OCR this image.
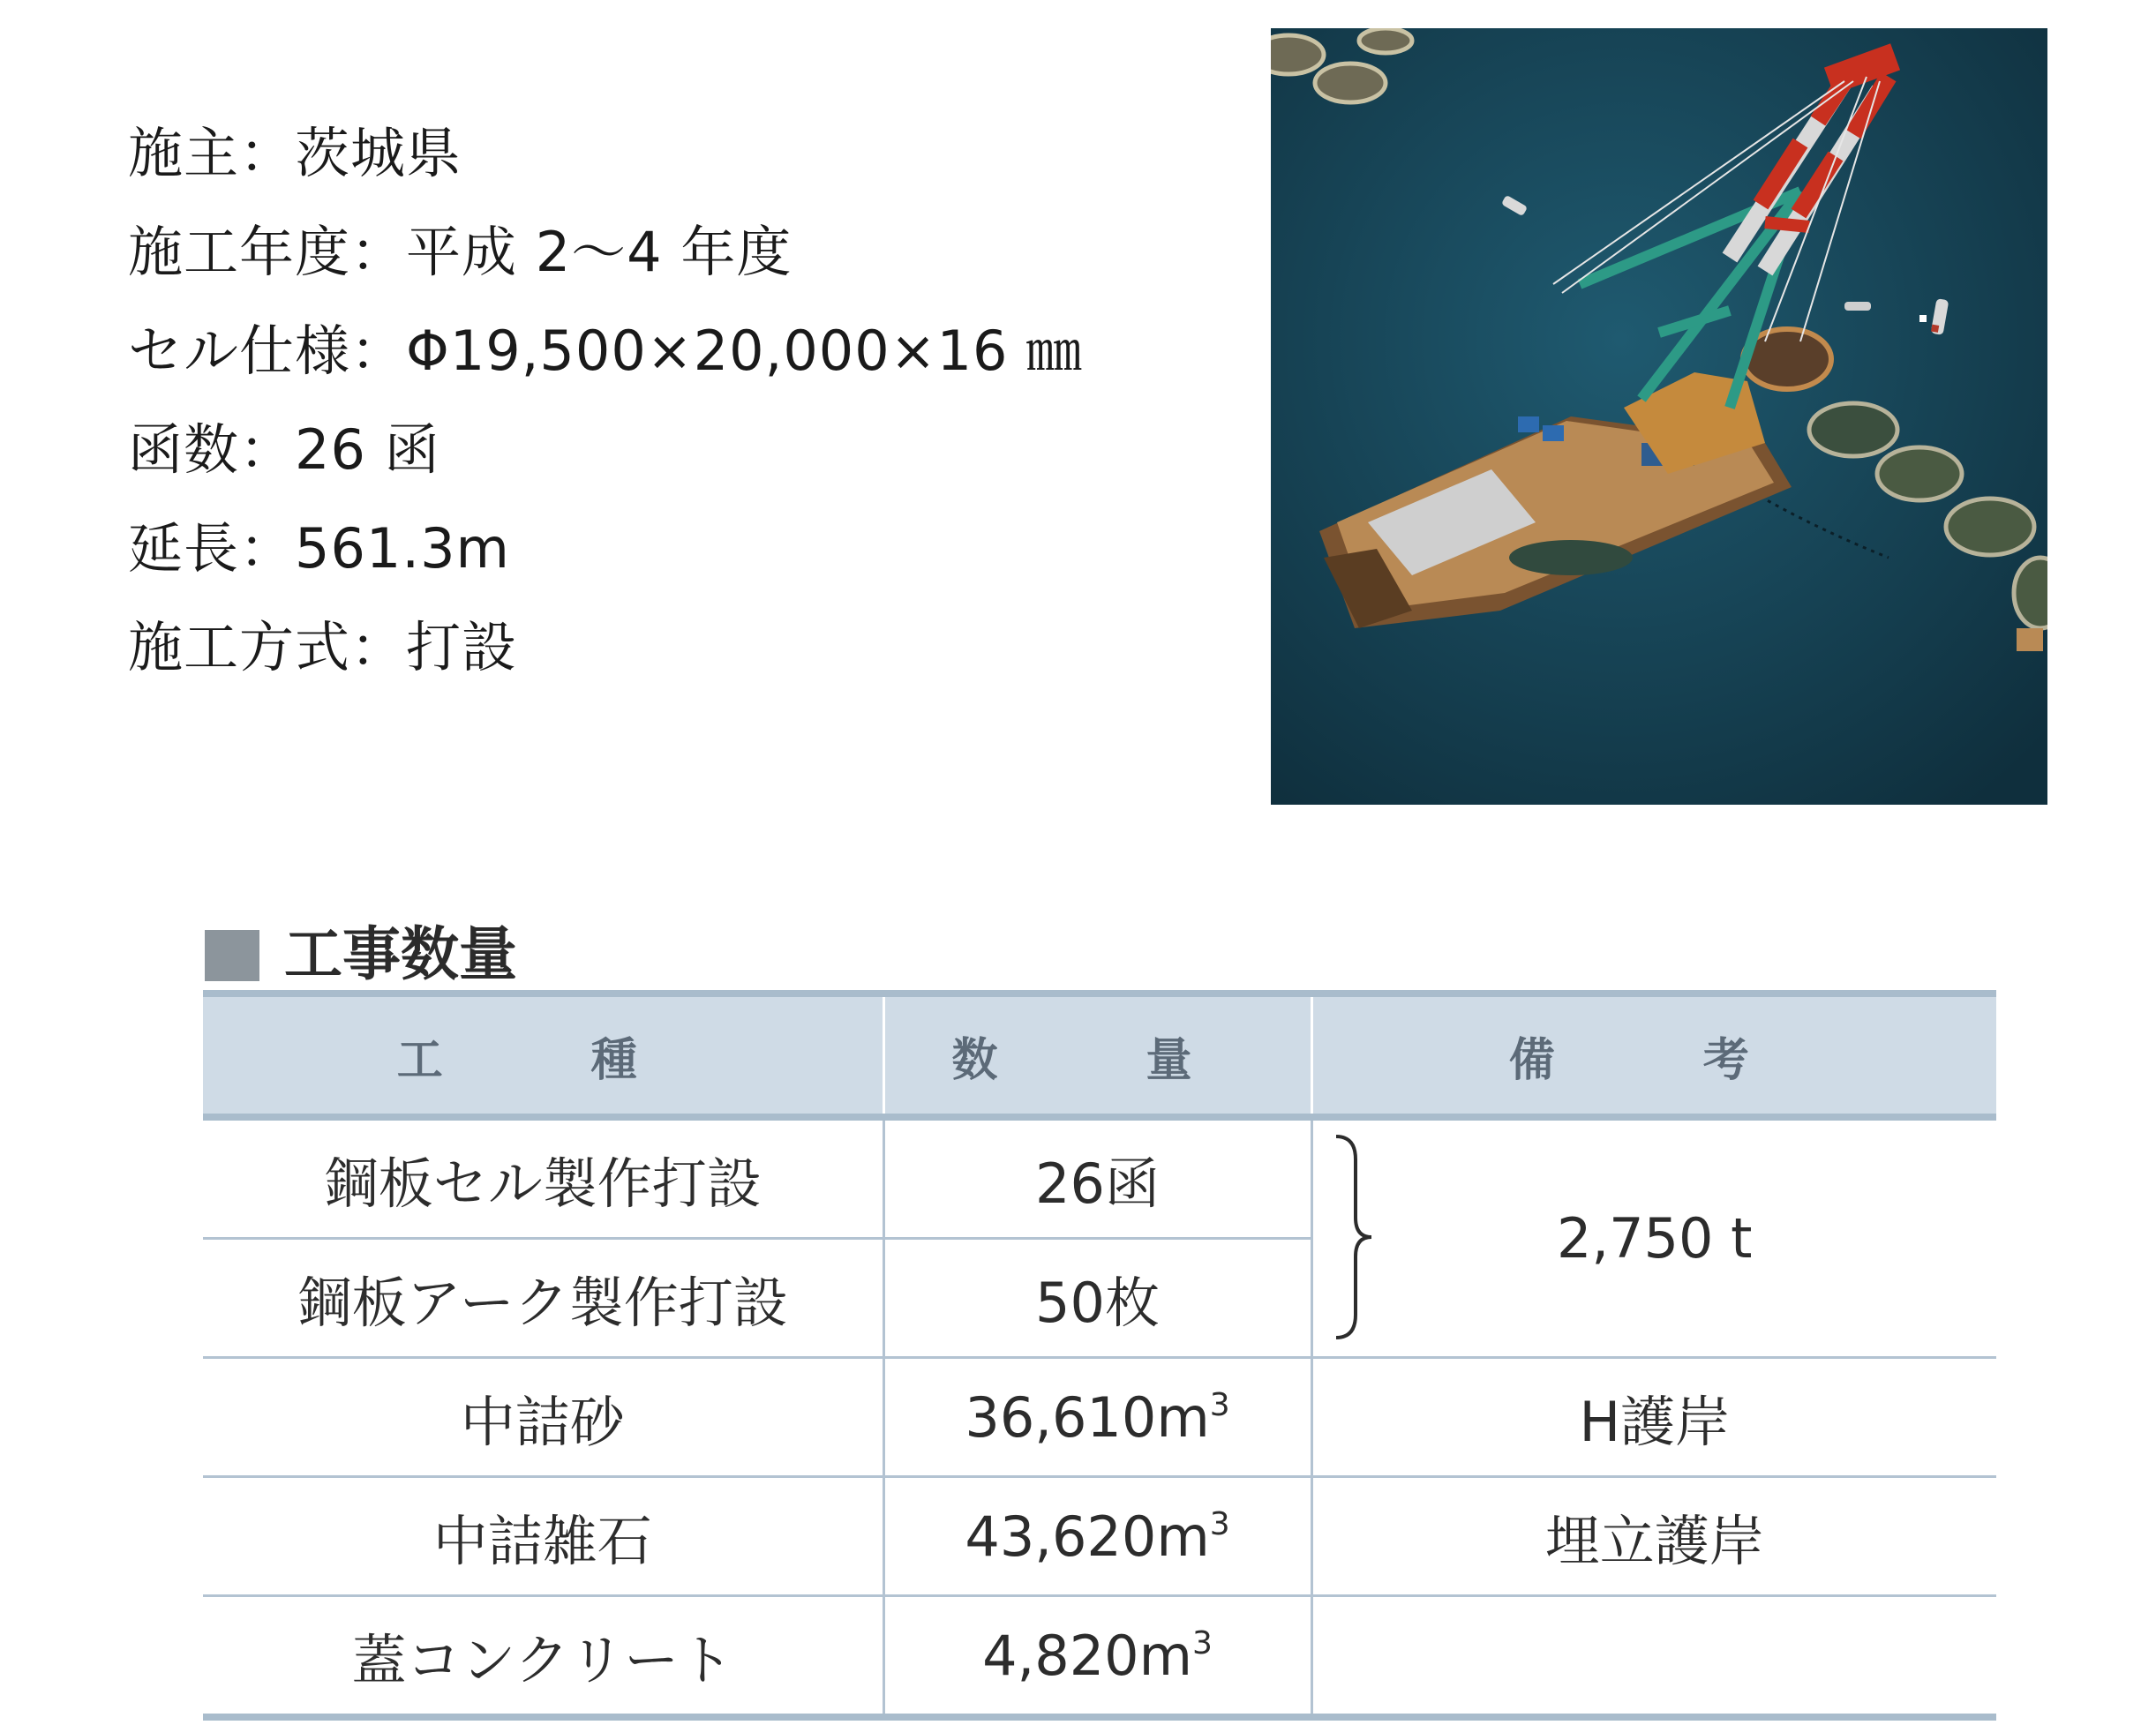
施主：茨城県
施工年度：平成 2〜4 年度
セル仕様：Φ19,500×20,000×16 ㎜
函数：26 函
延長：561.3m
施工方式：打設
工事数量
工　種	数　量	備　考
鋼板セル製作打設	26函	2,750 t
鋼板アーク製作打設	50枚	
中詰砂	$36,610m^3$	H護岸
中詰雑石	$43,620m^3$	埋立護岸
蓋コンクリート	$4,820m^3$	
